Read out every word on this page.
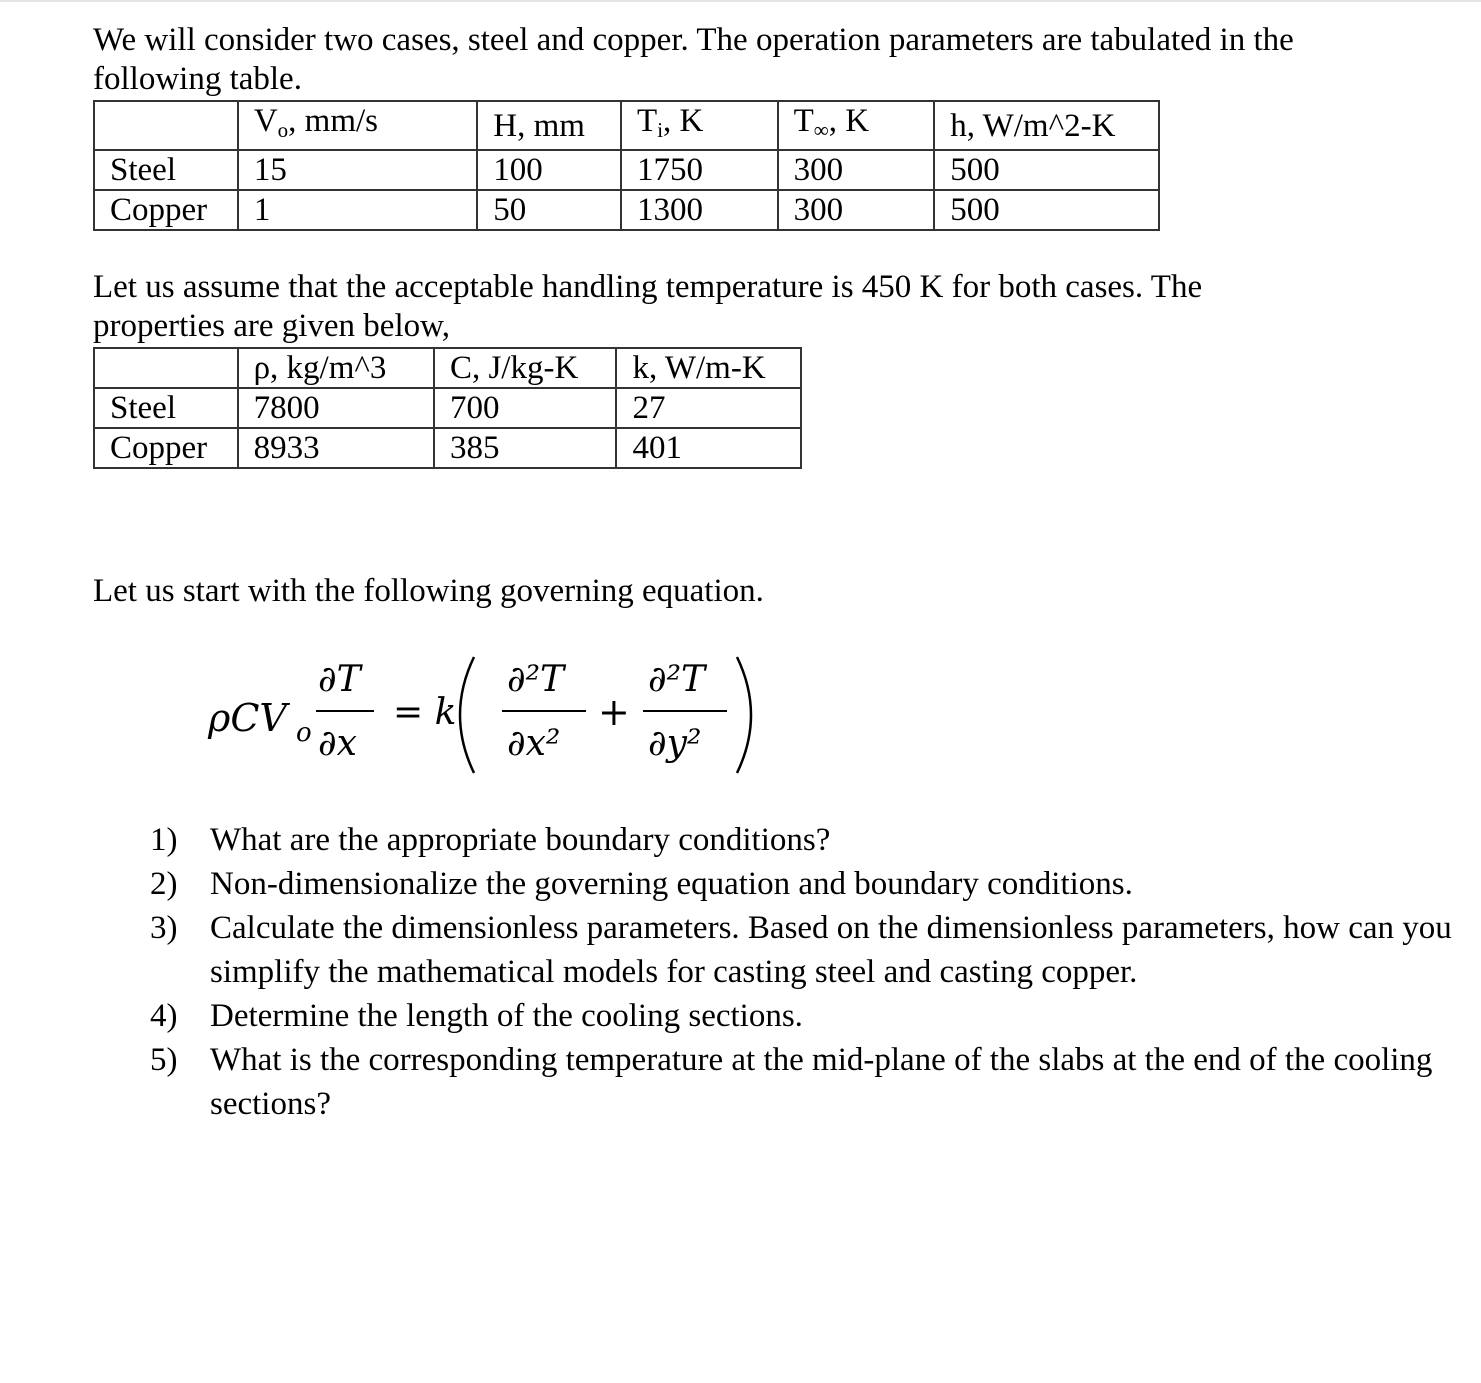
We will consider two cases, steel and copper. The operation parameters are tabulated in the following table.

	$V_o$, mm/s	H, mm	$T_i$, K	$T_\infty$, K	h, W/m^2-K
Steel	15	100	1750	300	500
Copper	1	50	1300	300	500

Let us assume that the acceptable handling temperature is 450 K for both cases. The properties are given below,

	ρ, kg/m^3	C, J/kg-K	k, W/m-K
Steel	7800	700	27
Copper	8933	385	401

Let us start with the following governing equation.

ρCV o
∂T
∂x
= k
∂²T
∂x²
+
∂²T
∂y²
1) What are the appropriate boundary conditions?
2) Non-dimensionalize the governing equation and boundary conditions.
3) Calculate the dimensionless parameters. Based on the dimensionless parameters, how can you simplify the mathematical models for casting steel and casting copper.
4) Determine the length of the cooling sections.
5) What is the corresponding temperature at the mid-plane of the slabs at the end of the cooling sections?
